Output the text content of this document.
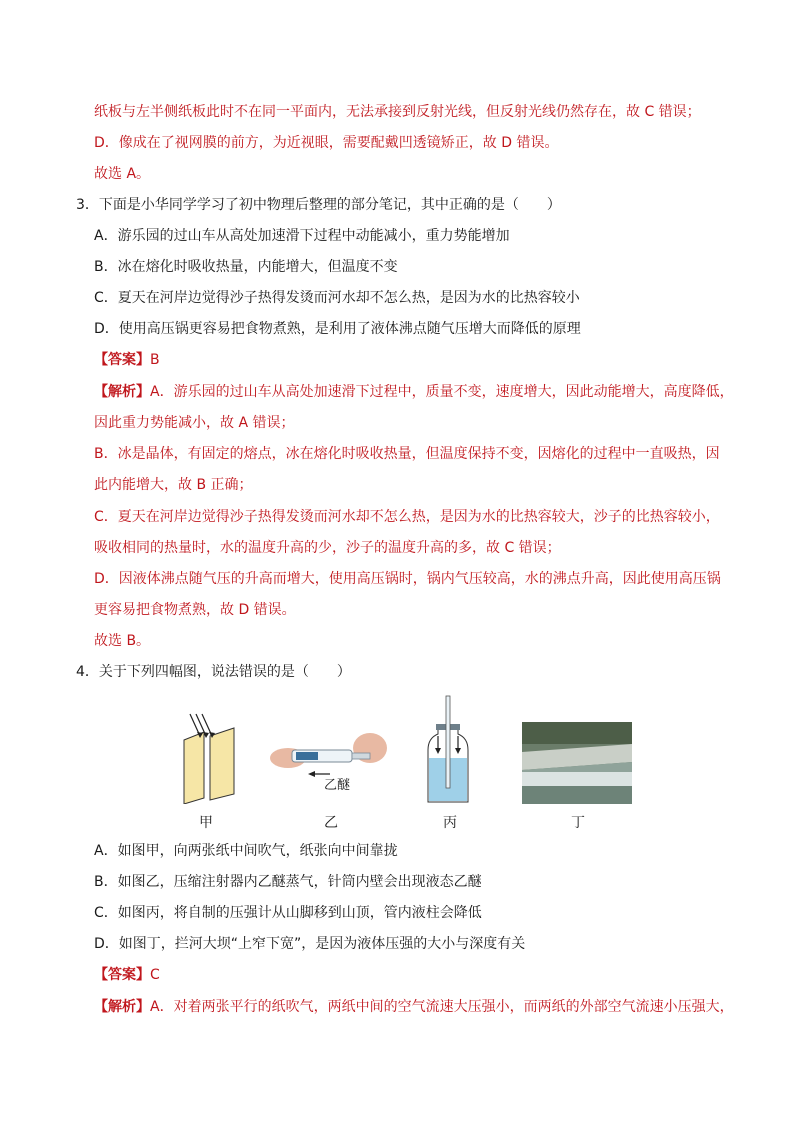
纸板与左半侧纸板此时不在同一平面内，无法承接到反射光线，但反射光线仍然存在，故 C 错误；
D．像成在了视网膜的前方，为近视眼，需要配戴凹透镜矫正，故 D 错误。
故选 A。
3．下面是小华同学学习了初中物理后整理的部分笔记，其中正确的是（　　）
A．游乐园的过山车从高处加速滑下过程中动能减小，重力势能增加
B．冰在熔化时吸收热量，内能增大，但温度不变
C．夏天在河岸边觉得沙子热得发烫而河水却不怎么热，是因为水的比热容较小
D．使用高压锅更容易把食物煮熟，是利用了液体沸点随气压增大而降低的原理
【答案】B
【解析】A．游乐园的过山车从高处加速滑下过程中，质量不变，速度增大，因此动能增大，高度降低，
因此重力势能减小，故 A 错误；
B．冰是晶体，有固定的熔点，冰在熔化时吸收热量，但温度保持不变，因熔化的过程中一直吸热，因
此内能增大，故 B 正确；
C．夏天在河岸边觉得沙子热得发烫而河水却不怎么热，是因为水的比热容较大，沙子的比热容较小，
吸收相同的热量时，水的温度升高的少，沙子的温度升高的多，故 C 错误；
D．因液体沸点随气压的升高而增大，使用高压锅时，锅内气压较高，水的沸点升高，因此使用高压锅
更容易把食物煮熟，故 D 错误。
故选 B。
4．关于下列四幅图，说法错误的是（　　）
乙醚
甲	乙	丙	丁
A．如图甲，向两张纸中间吹气，纸张向中间靠拢
B．如图乙，压缩注射器内乙醚蒸气，针筒内壁会出现液态乙醚
C．如图丙，将自制的压强计从山脚移到山顶，管内液柱会降低
D．如图丁，拦河大坝“上窄下宽”，是因为液体压强的大小与深度有关
【答案】C
【解析】A．对着两张平行的纸吹气，两纸中间的空气流速大压强小，而两纸的外部空气流速小压强大，
